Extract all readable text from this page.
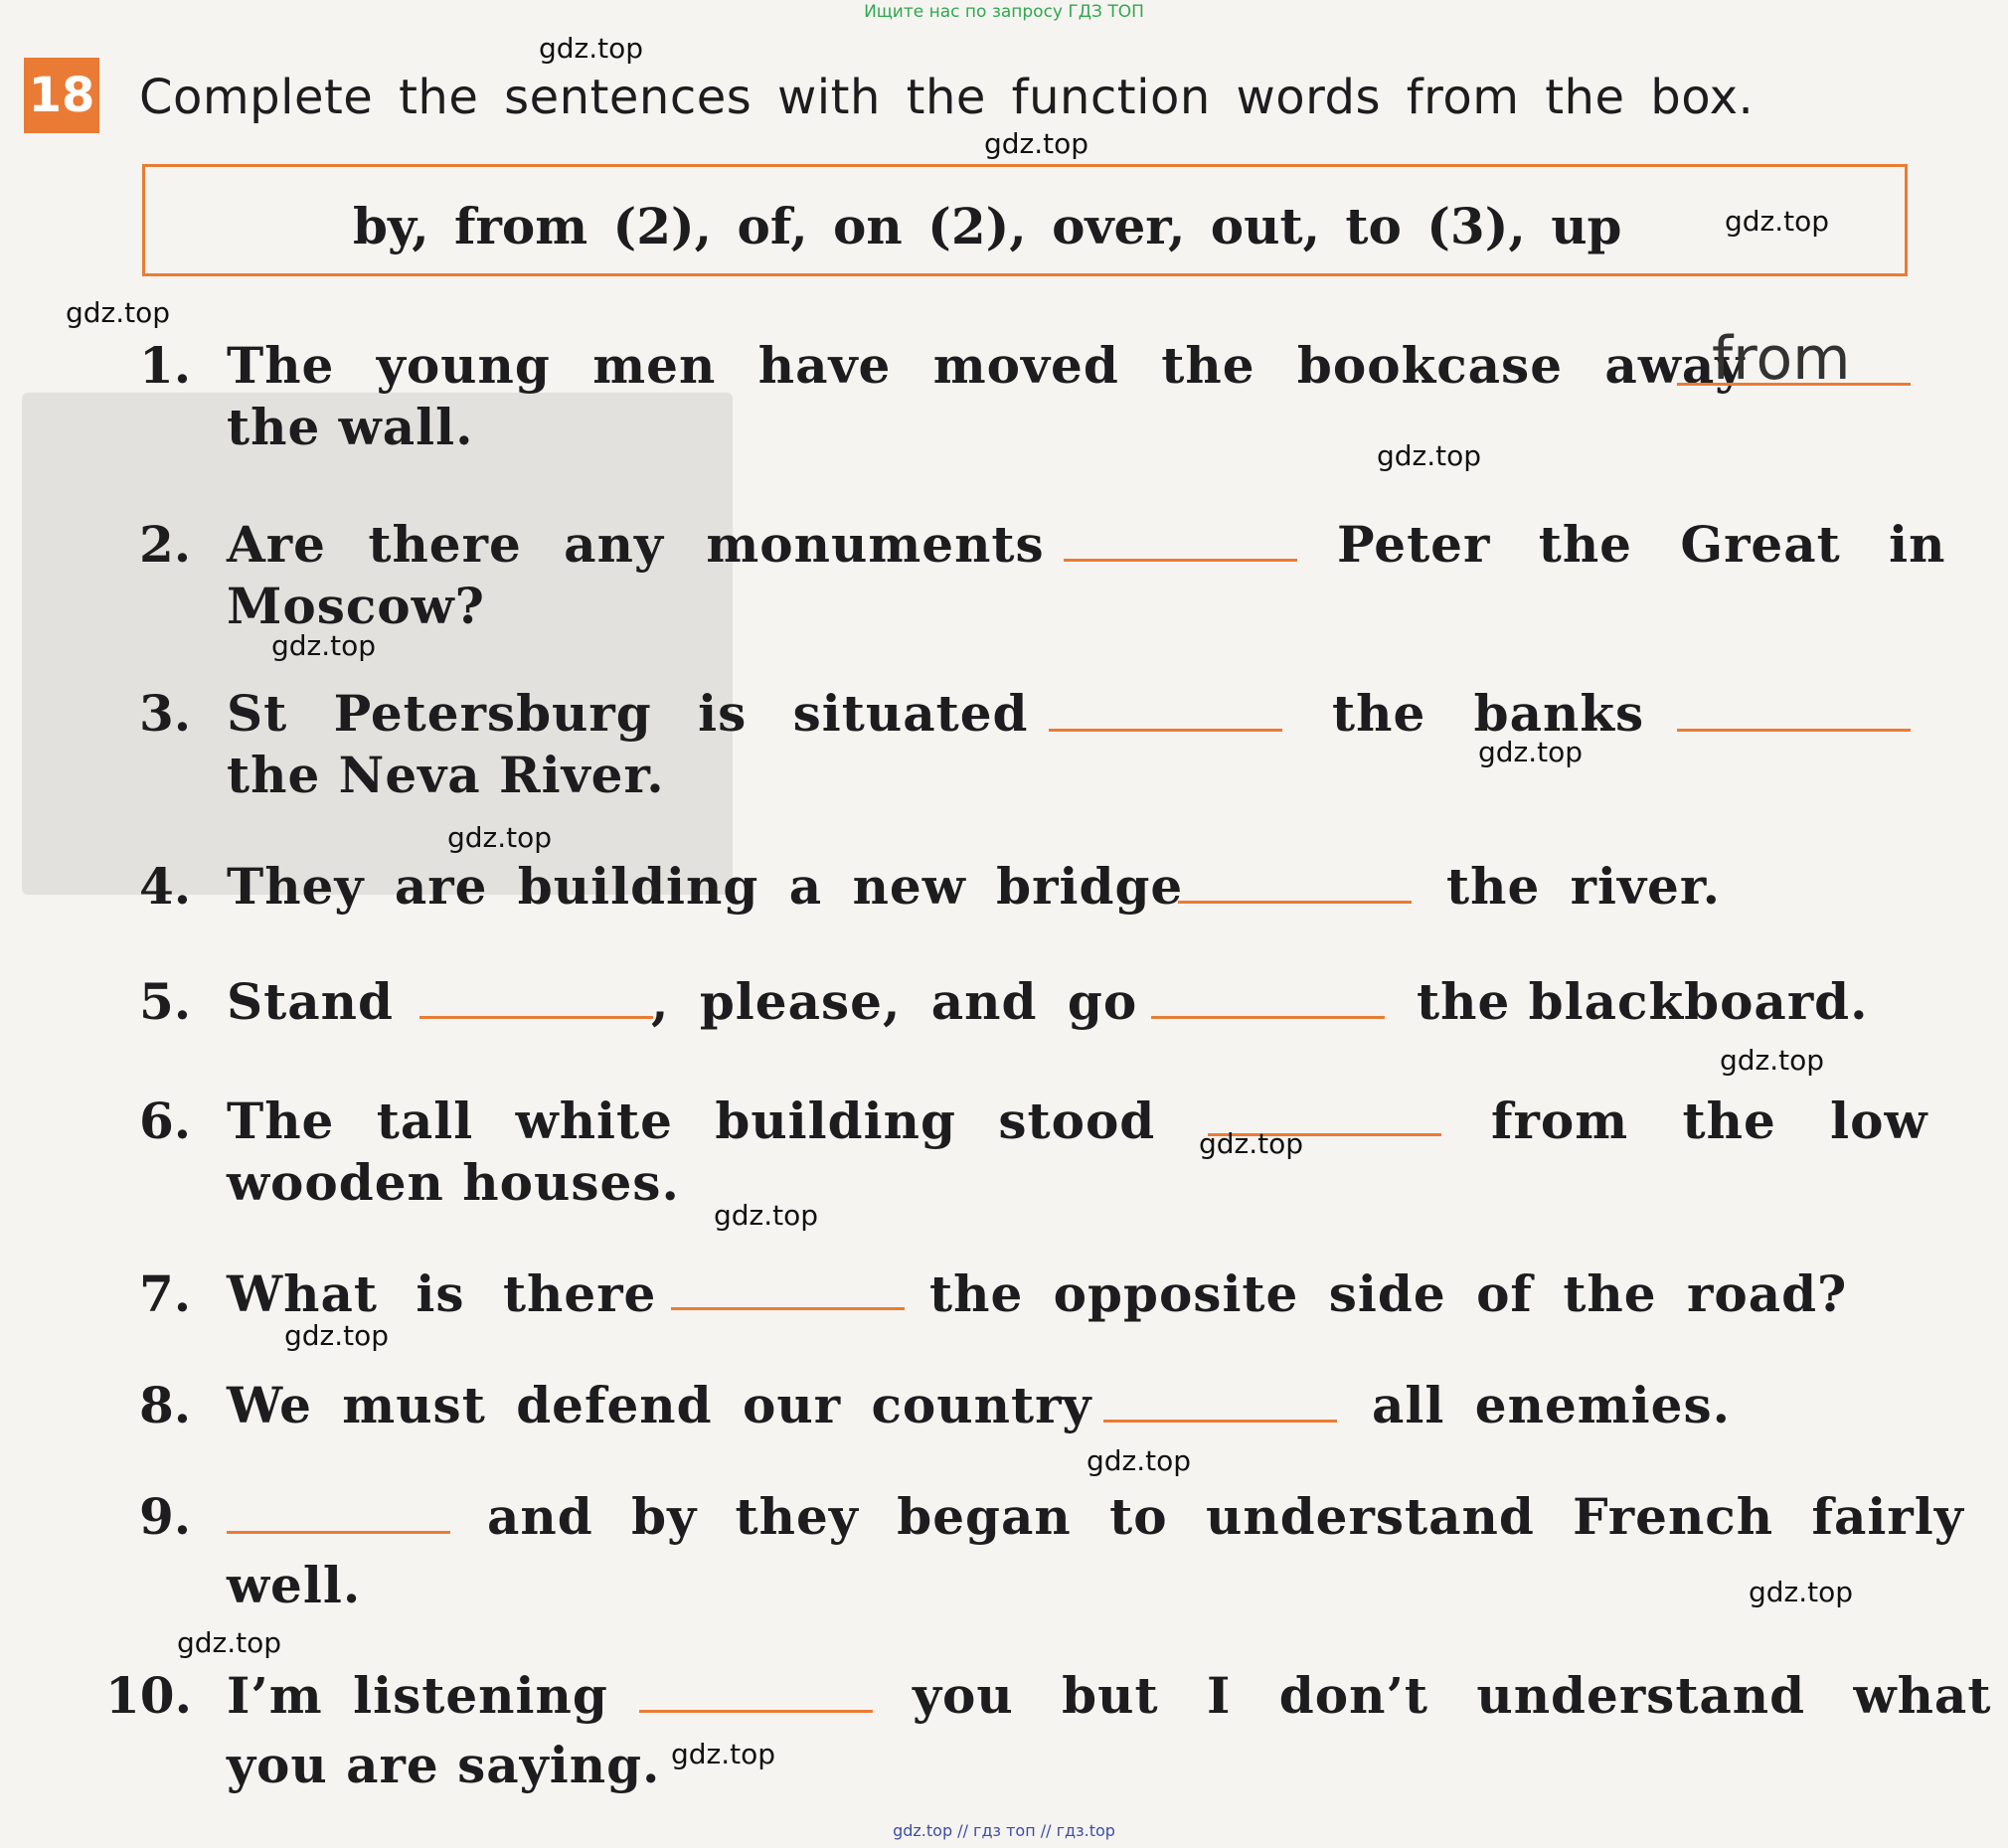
Ищите нас по запросу ГДЗ ТОП
18 Complete the sentences with the function words from the box.
by, from (2), of, on (2), over, out, to (3), up
1. The young men have moved the bookcase away
from
the wall.
2. Are there any monuments	Peter the Great in
Moscow?
3. St Petersburg is situated	the banks
the Neva River.
4. They are building a new bridge	the river.
5. Stand	, please, and go	the blackboard.
6. The tall white building stood	from the low
wooden houses.
7. What is there	the opposite side of the road?
8. We must defend our country	all enemies.
9.	and by they began to understand French fairly
well.
10. I’m listening	you but I don’t understand what
you are saying.
gdz.top
gdz.top
gdz.top
gdz.top
gdz.top
gdz.top
gdz.top
gdz.top
gdz.top
gdz.top
gdz.top
gdz.top
gdz.top
gdz.top
gdz.top
gdz.top
gdz.top // гдз топ // гдз.top
